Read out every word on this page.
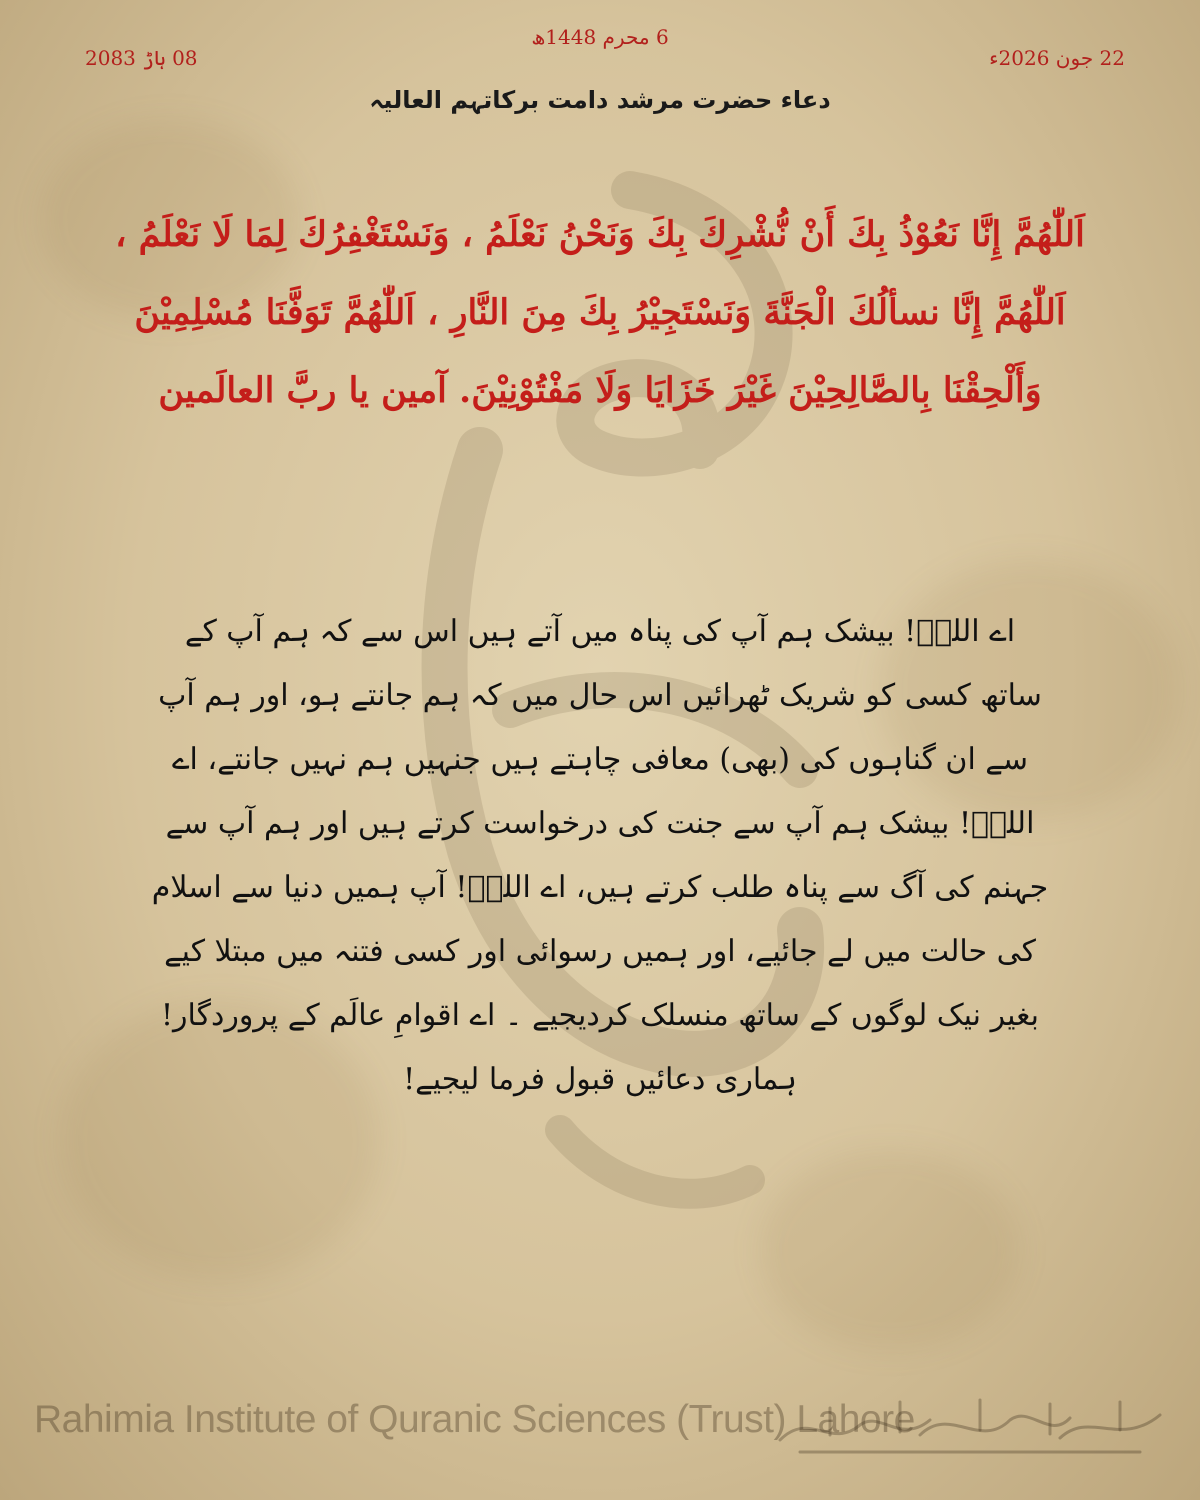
22 جون 2026ء
08 ہاڑ 2083
6 محرم 1448ھ
دعاء حضرت مرشد دامت برکاتہم العالیہ
اَللّٰهُمَّ إِنَّا نَعُوْذُ بِكَ أَنْ نُّشْرِكَ بِكَ وَنَحْنُ نَعْلَمُ ، وَنَسْتَغْفِرُكَ لِمَا لَا نَعْلَمُ ، اَللّٰهُمَّ إِنَّا نسألُكَ الْجَنَّةَ وَنَسْتَجِيْرُ بِكَ مِنَ النَّارِ ، اَللّٰهُمَّ تَوَفَّنَا مُسْلِمِيْنَ وَأَلْحِقْنَا بِالصَّالِحِيْنَ غَيْرَ خَزَايَا وَلَا مَفْتُوْنِيْنَ. آمین یا ربَّ العالَمین
اے اللہؐ! بیشک ہم آپ کی پناہ میں آتے ہیں اس سے کہ ہم آپ کے ساتھ کسی کو شریک ٹھرائیں اس حال میں کہ ہم جانتے ہو، اور ہم آپ سے ان گناہوں کی (بھی) معافی چاہتے ہیں جنہیں ہم نہیں جانتے، اے اللہؐ! بیشک ہم آپ سے جنت کی درخواست کرتے ہیں اور ہم آپ سے جہنم کی آگ سے پناہ طلب کرتے ہیں، اے اللہؐ! آپ ہمیں دنیا سے اسلام کی حالت میں لے جائیے، اور ہمیں رسوائی اور کسی فتنہ میں مبتلا کیے بغیر نیک لوگوں کے ساتھ منسلک کردیجیے ۔ اے اقوامِ عالَم کے پروردگار! ہماری دعائیں قبول فرما لیجیے!
Rahimia Institute of Quranic Sciences (Trust) Lahore
